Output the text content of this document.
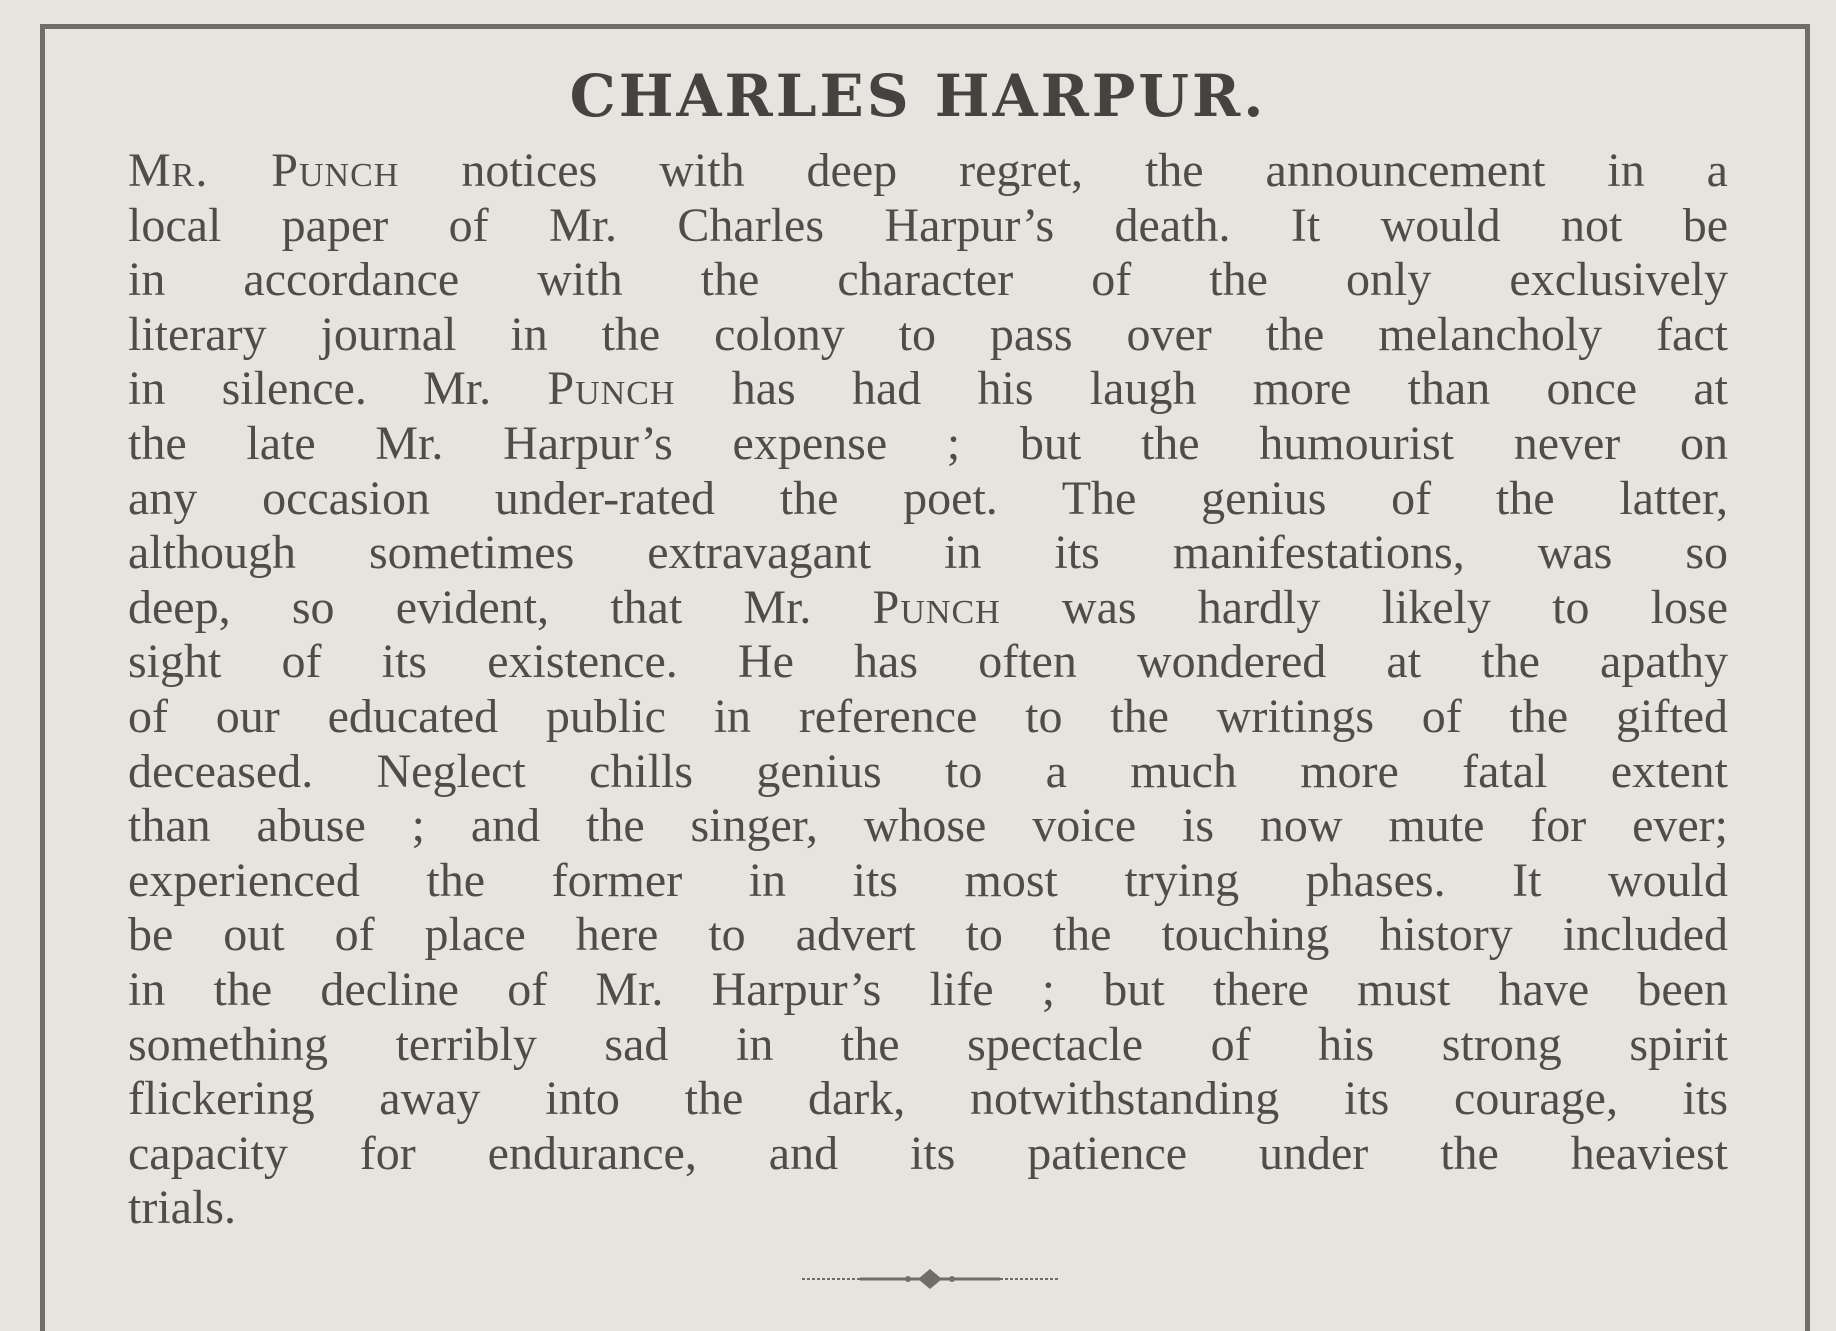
CHARLES HARPUR.
Mr. Punch notices with deep regret, the announcement in a
local paper of Mr. Charles Harpur’s death. It would not be
in accordance with the character of the only exclusively
literary journal in the colony to pass over the melancholy fact
in silence. Mr. Punch has had his laugh more than once at
the late Mr. Harpur’s expense ; but the humourist never on
any occasion under-rated the poet. The genius of the latter,
although sometimes extravagant in its manifestations, was so
deep, so evident, that Mr. Punch was hardly likely to lose
sight of its existence. He has often wondered at the apathy
of our educated public in reference to the writings of the gifted
deceased. Neglect chills genius to a much more fatal extent
than abuse ; and the singer, whose voice is now mute for ever;
experienced the former in its most trying phases. It would
be out of place here to advert to the touching history included
in the decline of Mr. Harpur’s life ; but there must have been
something terribly sad in the spectacle of his strong spirit
flickering away into the dark, notwithstanding its courage, its
capacity for endurance, and its patience under the heaviest
trials.
